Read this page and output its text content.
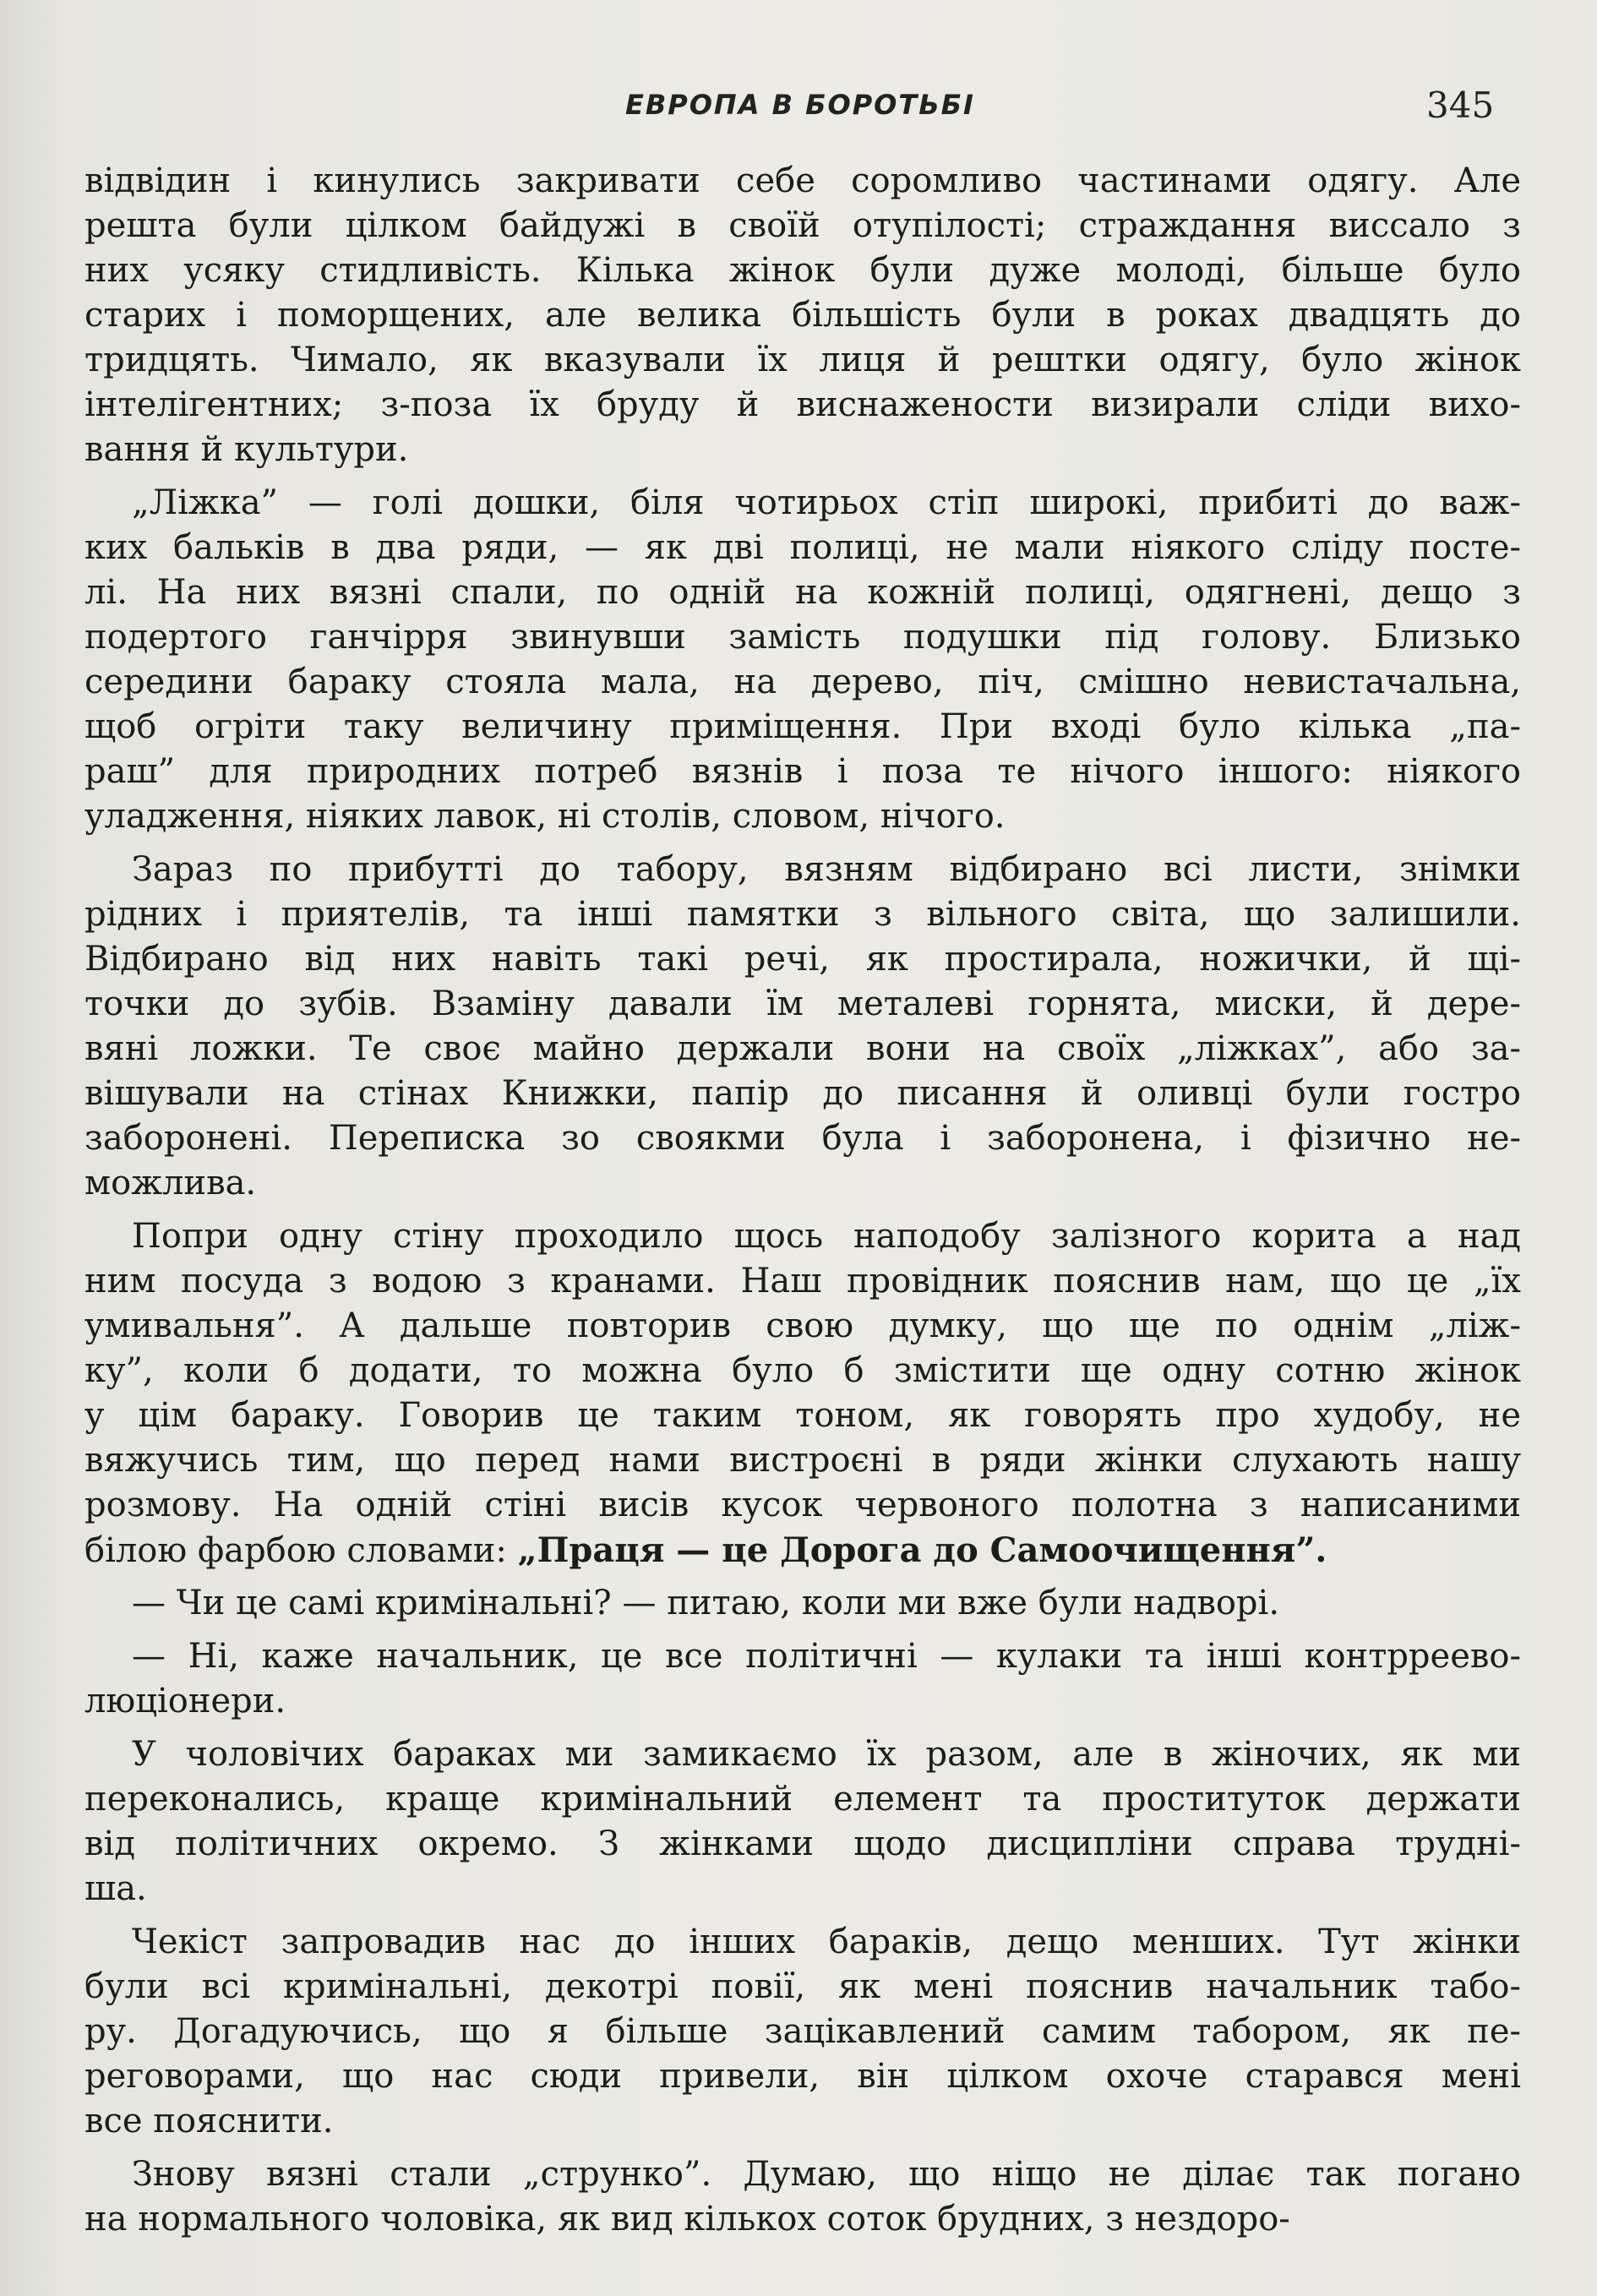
ЕВРОПА В БОРОТЬБІ	345
відвідин і кинулись закривати себе соромливо частинами одягу. Але
решта були цілком байдужі в своїй отупілості; страждання виссало з
них усяку стидливість. Кілька жінок були дуже молоді, більше було
старих і поморщених, але велика більшість були в роках двадцять до
тридцять. Чимало, як вказували їх лиця й рештки одягу, було жінок
інтелігентних; з-поза їх бруду й виснажености визирали сліди вихо-
вання й культури.
„Ліжка” — голі дошки, біля чотирьох стіп широкі, прибиті до важ-
ких бальків в два ряди, — як дві полиці, не мали ніякого сліду посте-
лі. На них вязні спали, по одній на кожній полиці, одягнені, дещо з
подертого ганчірря звинувши замість подушки під голову. Близько
середини бараку стояла мала, на дерево, піч, смішно невистачальна,
щоб огріти таку величину приміщення. При вході було кілька „па-
раш” для природних потреб вязнів і поза те нічого іншого: ніякого
уладження, ніяких лавок, ні столів, словом, нічого.
Зараз по прибутті до табору, вязням відбирано всі листи, знімки
рідних і приятелів, та інші памятки з вільного світа, що залишили.
Відбирано від них навіть такі речі, як простирала, ножички, й щі-
точки до зубів. Взаміну давали їм металеві горнята, миски, й дере-
вяні ложки. Те своє майно держали вони на своїх „ліжках”, або за-
вішували на стінах Книжки, папір до писання й оливці були гостро
заборонені. Переписка зо своякми була і заборонена, і фізично не-
можлива.
Попри одну стіну проходило щось наподобу залізного корита а над
ним посуда з водою з кранами. Наш провідник пояснив нам, що це „їх
умивальня”. А дальше повторив свою думку, що ще по однім „ліж-
ку”, коли б додати, то можна було б змістити ще одну сотню жінок
у цім бараку. Говорив це таким тоном, як говорять про худобу, не
вяжучись тим, що перед нами вистроєні в ряди жінки слухають нашу
розмову. На одній стіні висів кусок червоного полотна з написаними
білою фарбою словами: „Праця — це Дорога до Самоочищення”.
— Чи це самі кримінальні? — питаю, коли ми вже були надворі.
— Ні, каже начальник, це все політичні — кулаки та інші контрреево-
люціонери.
У чоловічих бараках ми замикаємо їх разом, але в жіночих, як ми
переконались, краще кримінальний елемент та проституток держати
від політичних окремо. З жінками щодо дисципліни справа трудні-
ша.
Чекіст запровадив нас до інших бараків, дещо менших. Тут жінки
були всі кримінальні, декотрі повії, як мені пояснив начальник табо-
ру. Догадуючись, що я більше зацікавлений самим табором, як пе-
реговорами, що нас сюди привели, він цілком охоче старався мені
все пояснити.
Знову вязні стали „струнко”. Думаю, що ніщо не ділає так погано
на нормального чоловіка, як вид кількох соток брудних, з нездоро-
